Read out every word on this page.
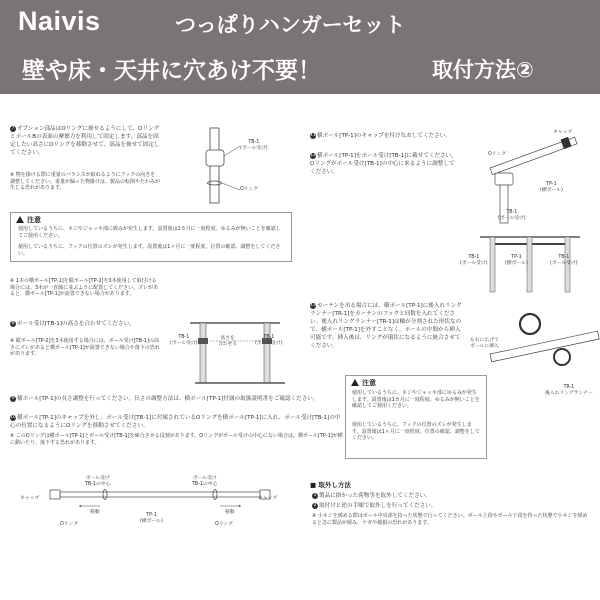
Naivis	つっぱりハンガーセット
壁や床・天井に穴あけ不要！	取付方法②
7 オプション部品はOリングに被せるようにして、OリングとポールBの表面の摩擦力を利用して固定します。部品を固定したい高さにOリングを移動させて、部品を被せて固定してください。
※ 物を掛ける際に重量のバランスが取れるようにフックの向きを調整してください。重量が偏った物掛けは、製品の転倒やたわみが生じる恐れがあります。
TB-1
(ポール受け)
Oリング
注意
使用しているうちに、ネジやジャッキ部に緩みが発生します。設置後は1カ月に一度程度、ゆるみが無いことを確認してご使用ください。
使用しているうちに、フックの位置のズレが発生します。設置後は1ヶ月に一度程度、位置の確認、調整をしてください。
※ 1本の横ポール[TP-1]を縦ポール[TP-2]を3本使用して取付ける場合には、3本が一直線に並ぶように配置してください。ズレがあると、横ポール[TP-1]が設置できない場合があります。
8 ポール受け[TB-1]の高さを合わせてください。
※ 縦ポール[TP-2]を3本使用する場合には、ポール受け[TB-1]の高さにズレがあると横ポール[TP-1]が設置できない場合や落下の恐れがあります。
TB-1
(ポール受け)
高さを
合わせる
TB-1
(ポール受け)
9 横ポール[TP-1]の長さ調整を行ってください。長さの調整方法は、横ポール[TP-1]付属の取扱説明書をご確認ください。
10横ポール[TP-1]のキャップを外し、ポール受け[TB-1]に付属されているOリングを横ポール[TP-1]に入れ、ポール受け[TB-1]の中心の位置になるようにOリングを移動させてください。
※ このOリングは横ポール[TP-1]とポール受け[TB-1]を締合させる役割があります。Oリングがポール受けの中心にない場合は、横ポール[TP-1]が横に動いたり、落下する恐れがあります。
キャップ	キャップ
ポール受け
TB-1の中心
ポール受け
TB-1の中心
移動	移動
Oリング	Oリング
TP-1
(横ポール)
11横ポール[TP-1]のキャップを付けなおしてください。
12横ポール[TP-1]をポール受け[TB-1]に載せてください。Oリングがポール受け[TB-1]の中心に来るように調整してください。
キャップ
Oリング
TP-1
(横ポール)
TB-1
(ポール受け)
TB-1
(ポール受け)
TP-1
(横ポール)
TB-1
(ポール受け)
13カーテンを吊る場合には、横ポール[TP-1]に後入れリングランナー[TR-1]をカーテンのフックと同数を入れてください。後入れリングランナー[TR-1]は輪が分割された形状なので、横ポール[TP-1]を外すことなく、ポールの中間から挿入可能です。挿入後は、リングが環状になるように統合させてください。
左右に広げて
ポールに挿入
TR-1
後入れリングランナー
注意
使用しているうちに、ネジやジャッキ部にゆるみが発生します。設置後は1カ月に一度程度、ゆるみが無いことを確認してご使用ください。
使用しているうちに、フックの位置のズレが発生します。設置後は1ヶ月に一度程度、位置の確認、調整をしてください。
■ 取外し方法
1 製品に掛かった荷物等を取外してください。
2 取付けと逆の手順で取外しを行ってください。
※ 小ネジを緩める際はポール中央部を持った状態で行ってください。ポール上段やポール下段を持った状態で小ネジを緩めると急に製品が緩み、ケガや破損の恐れがあります。
